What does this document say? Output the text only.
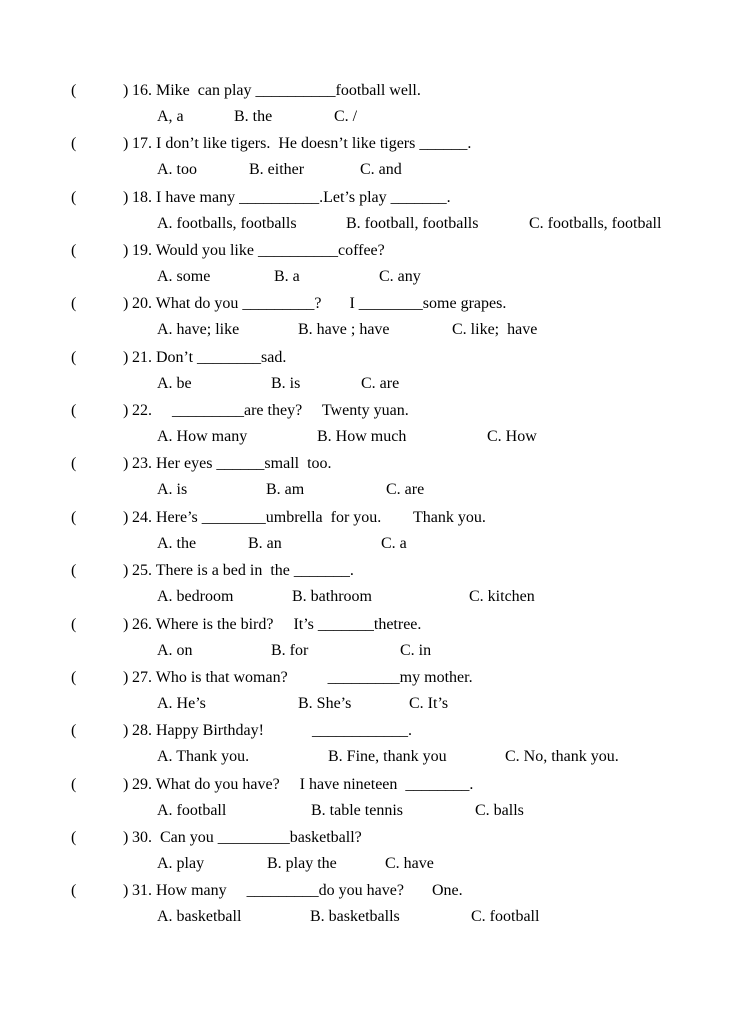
(	) 16. Mike  can play __________football well.
A, a	B. the	C. /
(	) 17. I don’t like tigers.  He doesn’t like tigers ______.
A. too	B. either	C. and
(	) 18. I have many __________.Let’s play _______.
A. footballs, footballs	B. football, footballs	C. footballs, football
(	) 19. Would you like __________coffee?
A. some	B. a	C. any
(	) 20. What do you _________?       I ________some grapes.
A. have; like	B. have ; have	C. like;  have
(	) 21. Don’t ________sad.
A. be	B. is	C. are
(	) 22.     _________are they?     Twenty yuan.
A. How many	B. How much	C. How
(	) 23. Her eyes ______small  too.
A. is	B. am	C. are
(	) 24. Here’s ________umbrella  for you.        Thank you.
A. the	B. an	C. a
(	) 25. There is a bed in  the _______.
A. bedroom	B. bathroom	C. kitchen
(	) 26. Where is the bird?     It’s _______thetree.
A. on	B. for	C. in
(	) 27. Who is that woman?          _________my mother.
A. He’s	B. She’s	C. It’s
(	) 28. Happy Birthday!            ____________.
A. Thank you.	B. Fine, thank you	C. No, thank you.
(	) 29. What do you have?     I have nineteen  ________.
A. football	B. table tennis	C. balls
(	) 30.  Can you _________basketball?
A. play	B. play the	C. have
(	) 31. How many     _________do you have?       One.
A. basketball	B. basketballs	C. football
